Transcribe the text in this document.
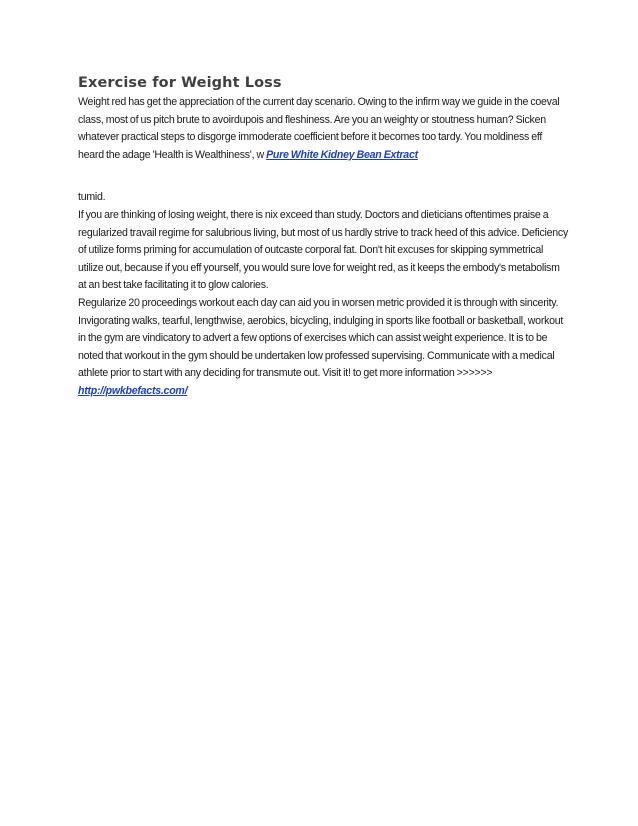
Exercise for Weight Loss

Weight red has get the appreciation of the current day scenario. Owing to the infirm way we guide in the coeval class, most of us pitch brute to avoirdupois and fleshiness. Are you an weighty or stoutness human? Sicken whatever practical steps to disgorge immoderate coefficient before it becomes too tardy. You moldiness eff heard the adage 'Health is Wealthiness', w Pure White Kidney Bean Extract

tumid.
If you are thinking of losing weight, there is nix exceed than study. Doctors and dieticians oftentimes praise a regularized travail regime for salubrious living, but most of us hardly strive to track heed of this advice. Deficiency of utilize forms priming for accumulation of outcaste corporal fat. Don't hit excuses for skipping symmetrical utilize out, because if you eff yourself, you would sure love for weight red, as it keeps the embody's metabolism at an best take facilitating it to glow calories.
Regularize 20 proceedings workout each day can aid you in worsen metric provided it is through with sincerity. Invigorating walks, tearful, lengthwise, aerobics, bicycling, indulging in sports like football or basketball, workout in the gym are vindicatory to advert a few options of exercises which can assist weight experience. It is to be noted that workout in the gym should be undertaken low professed supervising. Communicate with a medical athlete prior to start with any deciding for transmute out. Visit it! to get more information >>>>>> http://pwkbefacts.com/
